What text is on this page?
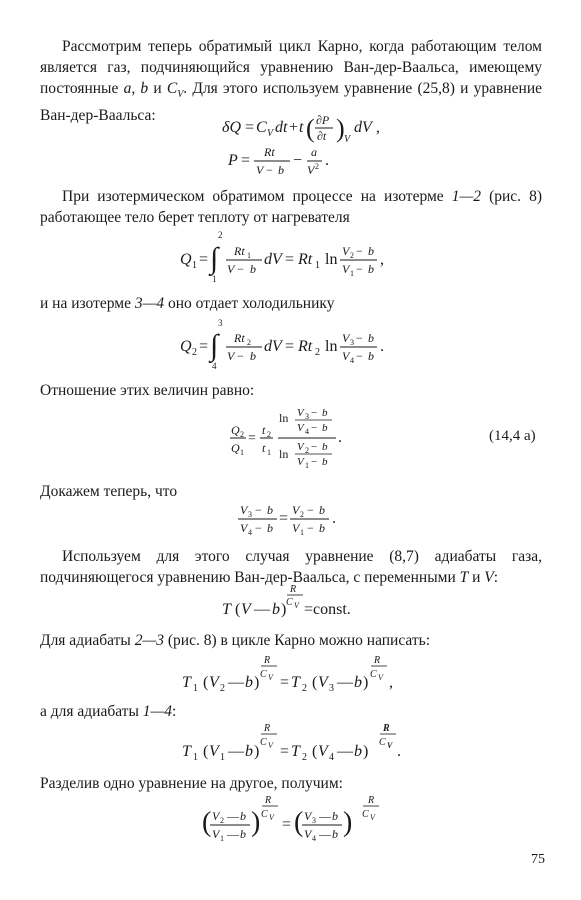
Рассмотрим теперь обратимый цикл Карно, когда работающим телом является газ, подчиняющийся уравнению Ван-дер-Ваальса, имеющему постоянные a, b и $C_V$. Для этого используем уравнение (25,8) и уравнение Ван-дер-Ваальса:
δQ = C V dt + t ( ∂P
∂t ) V
dV ,
P = Rt
V − b
− a
V 2 .
При изотермическом обратимом процессе на изотерме 1—2 (рис. 8) работающее тело берет теплоту от нагревателя
Q 1 = ∫
2
1
Rt 1
V − b
dV = Rt 1 ln V 2 − b
V 1 − b
,
и на изотерме 3—4 оно отдает холодильнику
Q 2 = ∫
3
4
Rt 2
V − b
dV = Rt 2 ln V 3 − b
V 4 − b
.
Отношение этих величин равно:
Q 2
Q 1
=
t 2
t 1
ln V 3 − b
V 4 − b
ln V 2 − b
V 1 − b
.	(14,4 а)
Докажем теперь, что
V 3 − b
V 4 − b
= V 2 − b
V 1 − b
.
Используем для этого случая уравнение (8,7) адиабаты газа, подчиняющегося уравнению Ван-дер-Ваальса, с переменными T и V:
T ( V — b )
R
C V =const.
Для адиабаты 2—3 (рис. 8) в цикле Карно можно написать:
T 1 ( V 2 — b )
R
C V = T 2 ( V 3 — b )
R
C V ,
а для адиабаты 1—4:
T 1 ( V 1 — b )
R
C V = T 2 ( V 4 — b )
R
C V .
Разделив одно уравнение на другое, получим:
( V 2 — b
V 1 — b )
R
C V = ( V 3 — b
V 4 — b )
R
C V
75
